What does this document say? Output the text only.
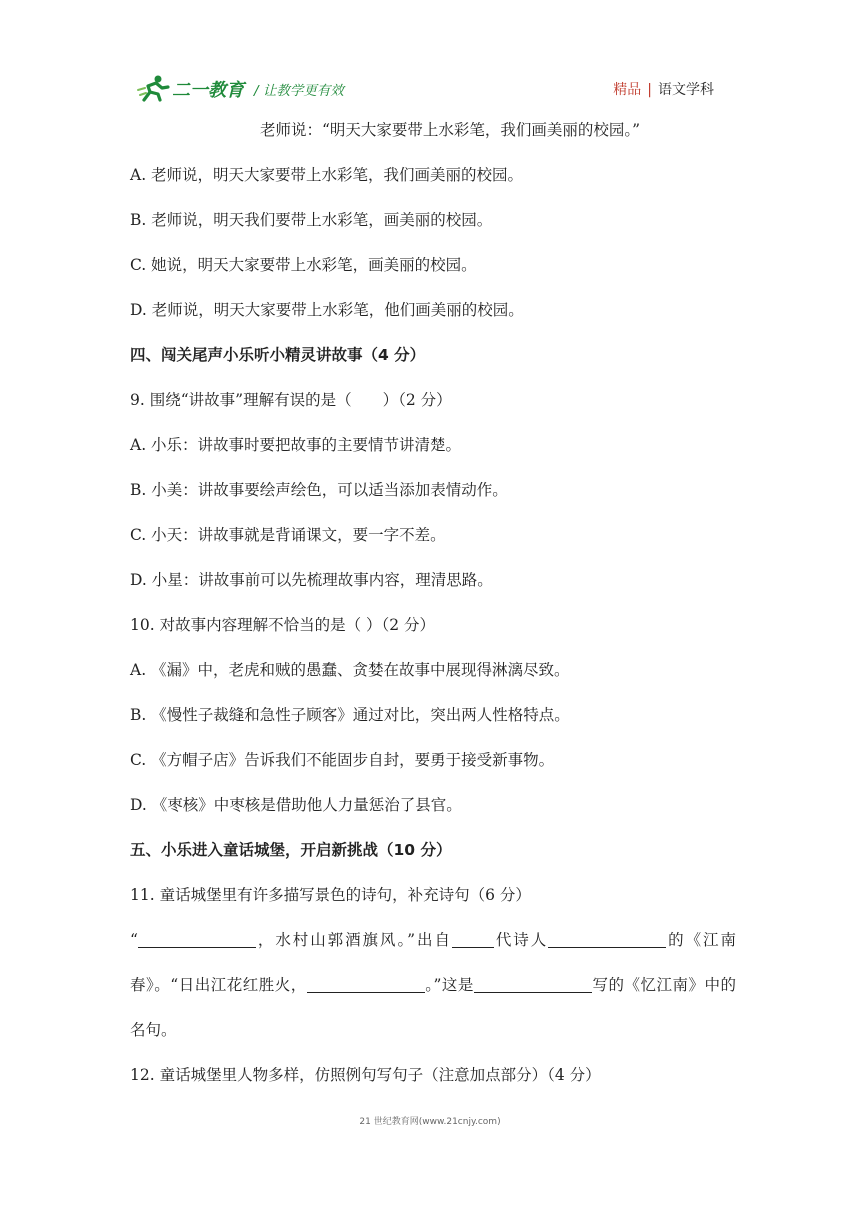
二一教育 / 让教学更有效	精品 | 语文学科
老师说：“明天大家要带上水彩笔，我们画美丽的校园。”
A. 老师说，明天大家要带上水彩笔，我们画美丽的校园。
B. 老师说，明天我们要带上水彩笔，画美丽的校园。
C. 她说，明天大家要带上水彩笔，画美丽的校园。
D. 老师说，明天大家要带上水彩笔，他们画美丽的校园。
四、闯关尾声小乐听小精灵讲故事（4 分）
9. 围绕“讲故事”理解有误的是（　　）（2 分）
A. 小乐：讲故事时要把故事的主要情节讲清楚。
B. 小美：讲故事要绘声绘色，可以适当添加表情动作。
C. 小天：讲故事就是背诵课文，要一字不差。
D. 小星：讲故事前可以先梳理故事内容，理清思路。
10. 对故事内容理解不恰当的是（ ）（2 分）
A. 《漏》中，老虎和贼的愚蠢、贪婪在故事中展现得淋漓尽致。
B. 《慢性子裁缝和急性子顾客》通过对比，突出两人性格特点。
C. 《方帽子店》告诉我们不能固步自封，要勇于接受新事物。
D. 《枣核》中枣核是借助他人力量惩治了县官。
五、小乐进入童话城堡，开启新挑战（10 分）
11. 童话城堡里有许多描写景色的诗句，补充诗句（6 分）
“	，水村山郭酒旗风。”出自	代诗人	的《江南春》。“日出江花红胜火，	。”这是	写的《忆江南》中的名句。
12. 童话城堡里人物多样，仿照例句写句子（注意加点部分）（4 分）
21 世纪教育网(www.21cnjy.com)
